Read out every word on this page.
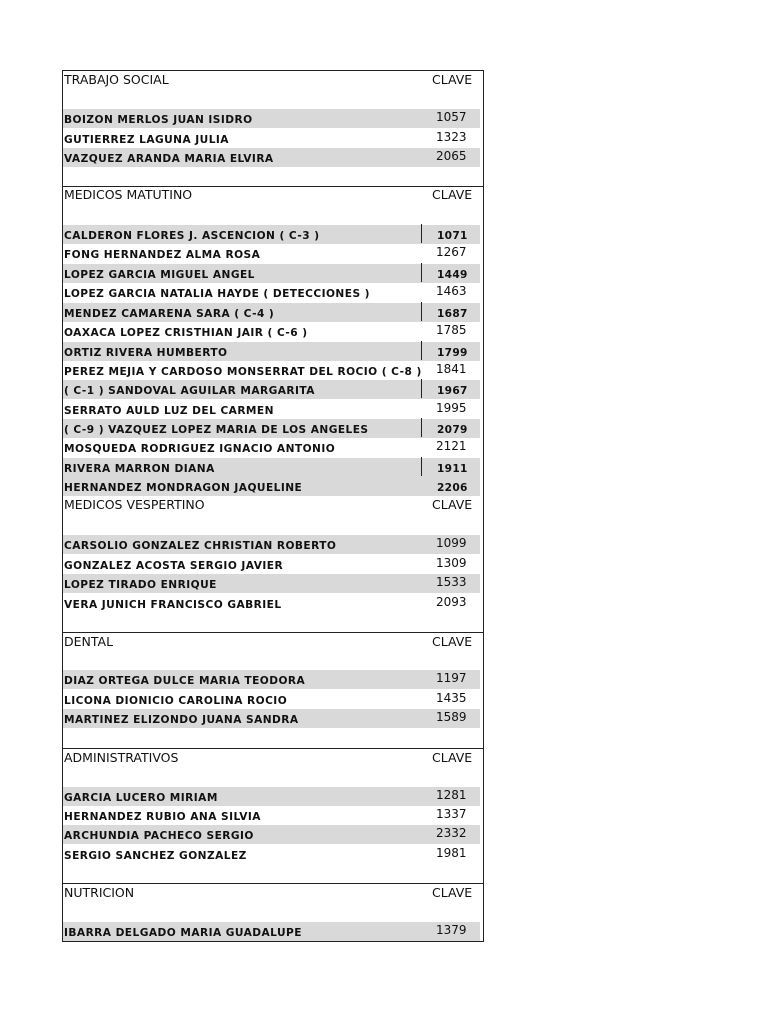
TRABAJO SOCIAL	CLAVE
BOIZON MERLOS JUAN ISIDRO	1057
GUTIERREZ LAGUNA JULIA	1323
VAZQUEZ ARANDA MARIA ELVIRA	2065
MEDICOS MATUTINO	CLAVE
CALDERON FLORES J. ASCENCION ( C-3 )	1071
FONG HERNANDEZ ALMA ROSA	1267
LOPEZ GARCIA MIGUEL ANGEL	1449
LOPEZ GARCIA NATALIA HAYDE ( DETECCIONES )	1463
MENDEZ CAMARENA SARA ( C-4 )	1687
OAXACA LOPEZ CRISTHIAN JAIR ( C-6 )	1785
ORTIZ RIVERA HUMBERTO	1799
PEREZ MEJIA Y CARDOSO MONSERRAT DEL ROCIO ( C-8 ) 1841
( C-1 ) SANDOVAL AGUILAR MARGARITA	1967
SERRATO AULD LUZ DEL CARMEN	1995
( C-9 ) VAZQUEZ LOPEZ MARIA DE LOS ANGELES	2079
MOSQUEDA RODRIGUEZ IGNACIO ANTONIO	2121
RIVERA MARRON DIANA	1911
HERNANDEZ MONDRAGON JAQUELINE	2206
MEDICOS VESPERTINO	CLAVE
CARSOLIO GONZALEZ CHRISTIAN ROBERTO	1099
GONZALEZ ACOSTA SERGIO JAVIER	1309
LOPEZ TIRADO ENRIQUE	1533
VERA JUNICH FRANCISCO GABRIEL	2093
DENTAL	CLAVE
DIAZ ORTEGA DULCE MARIA TEODORA	1197
LICONA DIONICIO CAROLINA ROCIO	1435
MARTINEZ ELIZONDO JUANA SANDRA	1589
ADMINISTRATIVOS	CLAVE
GARCIA LUCERO MIRIAM	1281
HERNANDEZ RUBIO ANA SILVIA	1337
ARCHUNDIA PACHECO SERGIO	2332
SERGIO SANCHEZ GONZALEZ	1981
NUTRICION	CLAVE
IBARRA DELGADO MARIA GUADALUPE	1379
